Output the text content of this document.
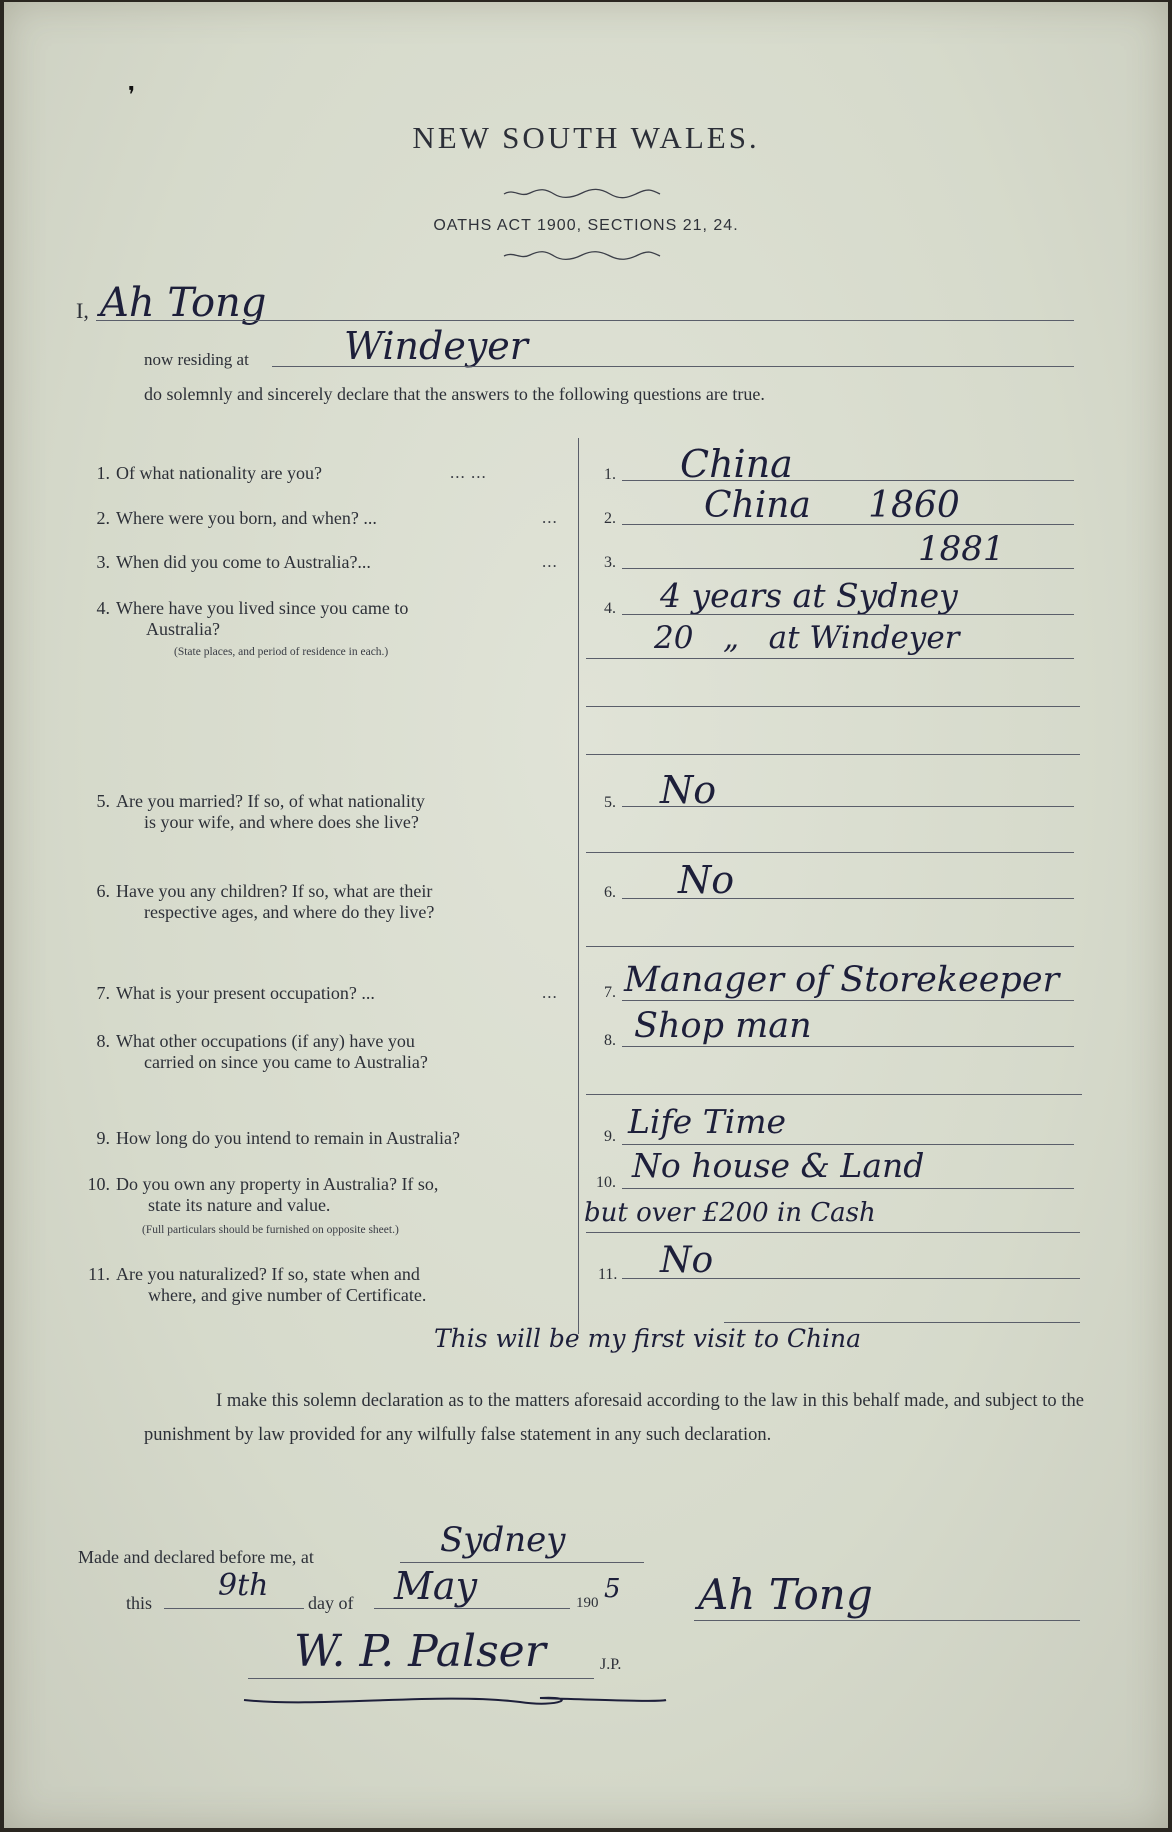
❜
NEW SOUTH WALES.
OATHS ACT 1900, SECTIONS 21, 24.
I, Ah Tong
now residing at	Windeyer
do solemnly and sincerely declare that the answers to the following questions are true.
1. Of what nationality are you?	... ...	1. China
2. Where were you born, and when? ...	...	2. China     1860
3. When did you come to Australia?...	...	3.	1881
4. Where have you lived since you came to
Australia?
(State places, and period of residence in each.)
4. 4 years at Sydney
20   „   at Windeyer
5. Are you married? If so, of what nationality
is your wife, and where does she live?
5. No
6. Have you any children? If so, what are their
respective ages, and where do they live?
6. No
7. What is your present occupation? ...	...	7. Manager of Storekeeper
8. What other occupations (if any) have you
carried on since you came to Australia?
8. Shop man
9. How long do you intend to remain in Australia?	9. Life Time
10. Do you own any property in Australia? If so,
state its nature and value.
(Full particulars should be furnished on opposite sheet.)
10. No house & Land
but over £200 in Cash
11. Are you naturalized? If so, state when and
where, and give number of Certificate.
11. No
This will be my first visit to China
I make this solemn declaration as to the matters aforesaid according to the law in this behalf made, and subject to the punishment by law provided for any wilfully false statement in any such declaration.
Made and declared before me, at	Sydney
this 9th day of May	190 5 Ah Tong
W. P. Palser	J.P.
